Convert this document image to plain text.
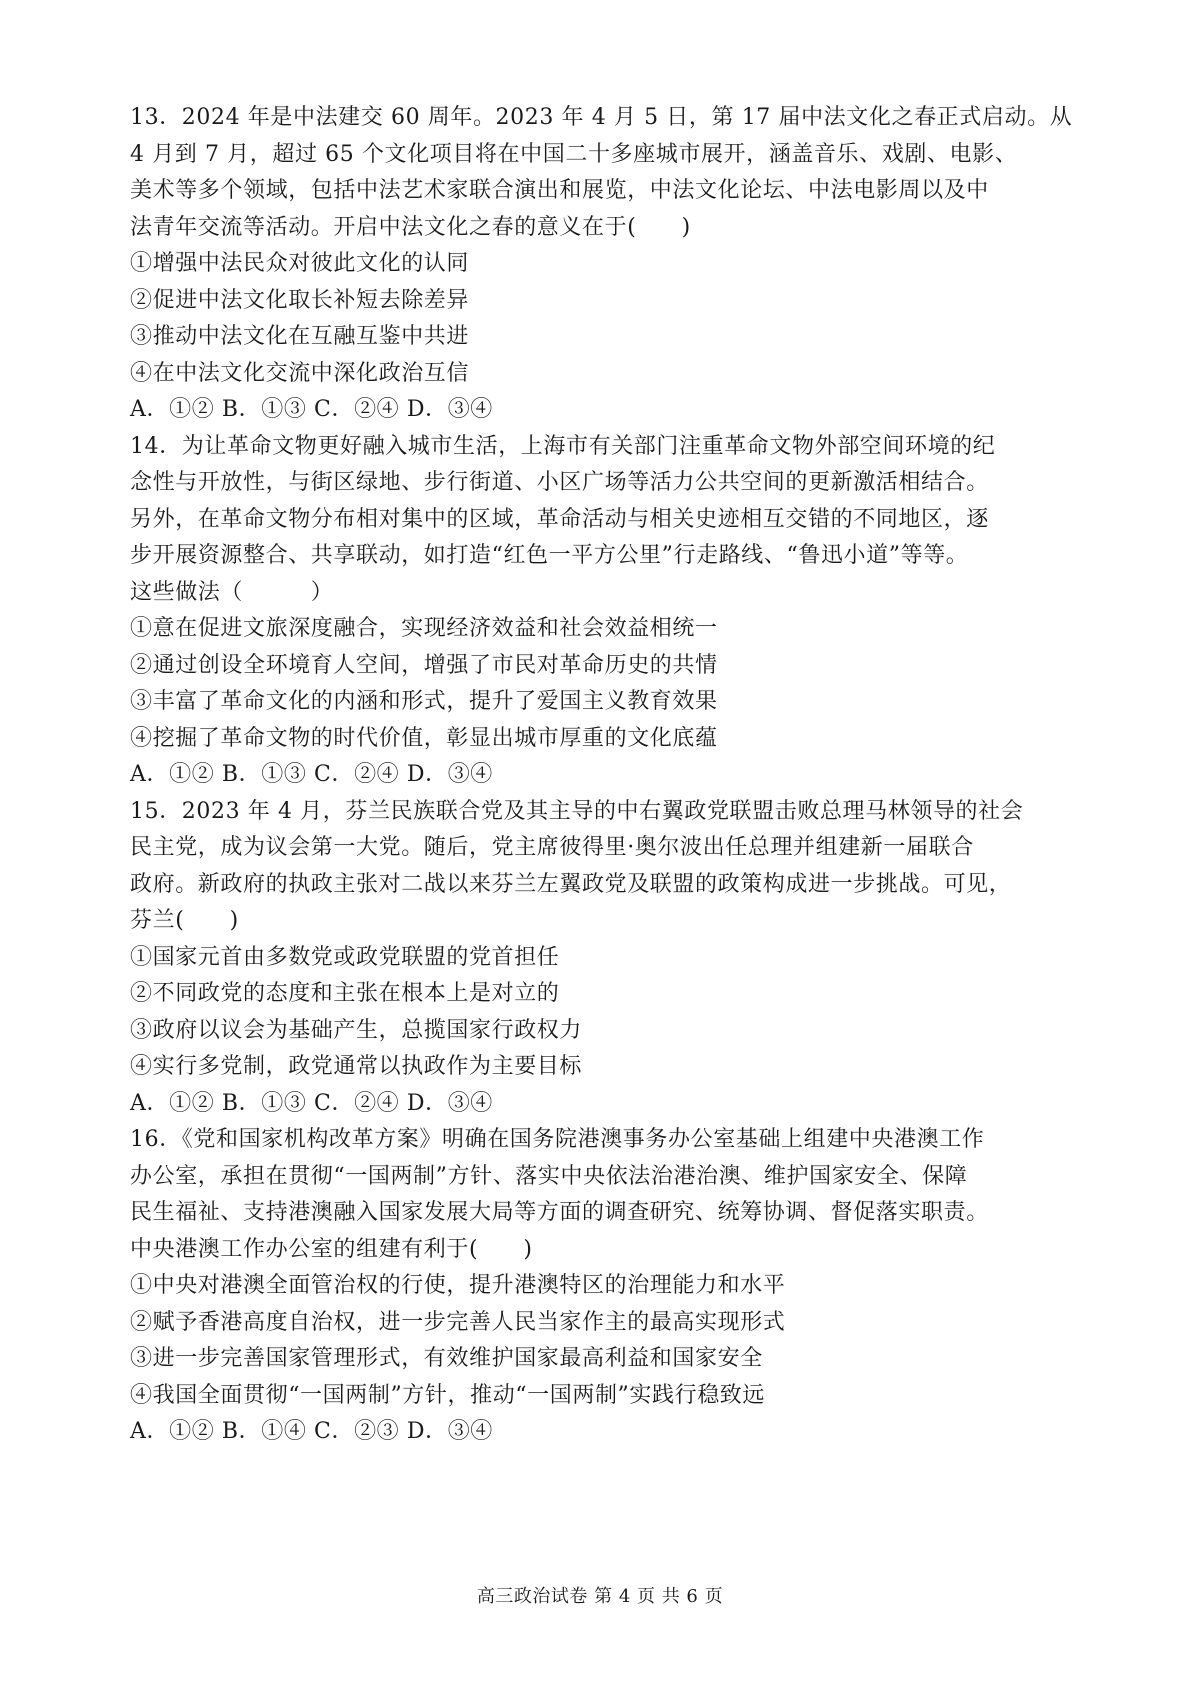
13．2024 年是中法建交 60 周年。2023 年 4 月 5 日，第 17 届中法文化之春正式启动。从
4 月到 7 月，超过 65 个文化项目将在中国二十多座城市展开，涵盖音乐、戏剧、电影、
美术等多个领域，包括中法艺术家联合演出和展览，中法文化论坛、中法电影周以及中
法青年交流等活动。开启中法文化之春的意义在于(　　)
①增强中法民众对彼此文化的认同
②促进中法文化取长补短去除差异
③推动中法文化在互融互鉴中共进
④在中法文化交流中深化政治互信
A．①② B．①③ C．②④ D．③④
14．为让革命文物更好融入城市生活，上海市有关部门注重革命文物外部空间环境的纪
念性与开放性，与街区绿地、步行街道、小区广场等活力公共空间的更新激活相结合。
另外，在革命文物分布相对集中的区域，革命活动与相关史迹相互交错的不同地区，逐
步开展资源整合、共享联动，如打造“红色一平方公里”行走路线、“鲁迅小道”等等。
这些做法（　　　）
①意在促进文旅深度融合，实现经济效益和社会效益相统一
②通过创设全环境育人空间，增强了市民对革命历史的共情
③丰富了革命文化的内涵和形式，提升了爱国主义教育效果
④挖掘了革命文物的时代价值，彰显出城市厚重的文化底蕴
A．①② B．①③ C．②④ D．③④
15．2023 年 4 月，芬兰民族联合党及其主导的中右翼政党联盟击败总理马林领导的社会
民主党，成为议会第一大党。随后，党主席彼得里·奥尔波出任总理并组建新一届联合
政府。新政府的执政主张对二战以来芬兰左翼政党及联盟的政策构成进一步挑战。可见，
芬兰(　　)
①国家元首由多数党或政党联盟的党首担任
②不同政党的态度和主张在根本上是对立的
③政府以议会为基础产生，总揽国家行政权力
④实行多党制，政党通常以执政作为主要目标
A．①② B．①③ C．②④ D．③④
16．《党和国家机构改革方案》明确在国务院港澳事务办公室基础上组建中央港澳工作
办公室，承担在贯彻“一国两制”方针、落实中央依法治港治澳、维护国家安全、保障
民生福祉、支持港澳融入国家发展大局等方面的调查研究、统筹协调、督促落实职责。
中央港澳工作办公室的组建有利于(　　)
①中央对港澳全面管治权的行使，提升港澳特区的治理能力和水平
②赋予香港高度自治权，进一步完善人民当家作主的最高实现形式
③进一步完善国家管理形式，有效维护国家最高利益和国家安全
④我国全面贯彻“一国两制”方针，推动“一国两制”实践行稳致远
A．①② B．①④ C．②③ D．③④
高三政治试卷 第 4 页 共 6 页
